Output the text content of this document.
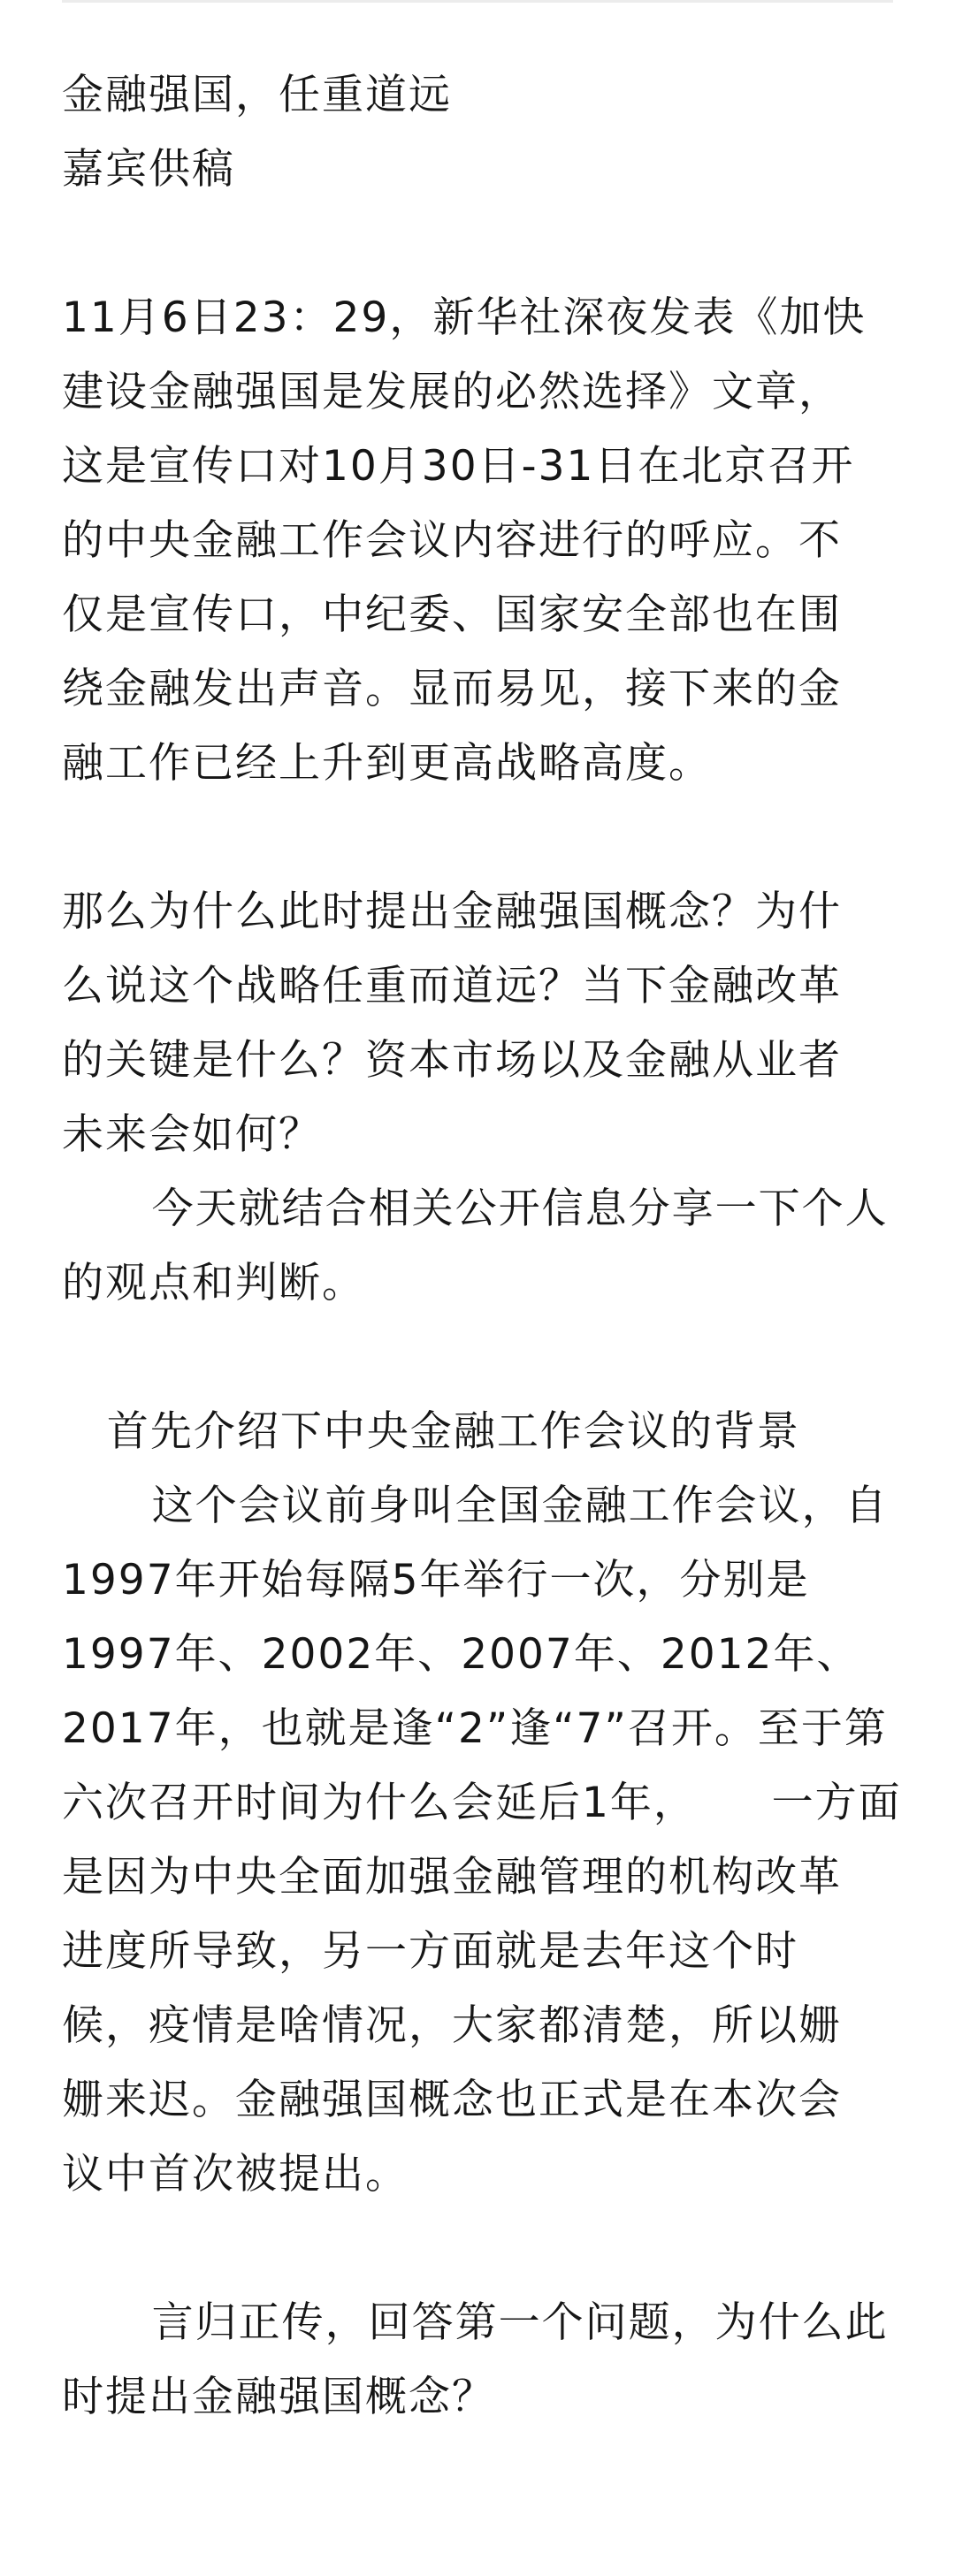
金融强国，任重道远
嘉宾供稿
11月6日23：29，新华社深夜发表《加快
建设金融强国是发展的必然选择》文章，
这是宣传口对10月30日-31日在北京召开
的中央金融工作会议内容进行的呼应。不
仅是宣传口，中纪委、国家安全部也在围
绕金融发出声音。显而易见，接下来的金
融工作已经上升到更高战略高度。
那么为什么此时提出金融强国概念？为什
么说这个战略任重而道远？当下金融改革
的关键是什么？资本市场以及金融从业者
未来会如何？
今天就结合相关公开信息分享一下个人
的观点和判断。
首先介绍下中央金融工作会议的背景
这个会议前身叫全国金融工作会议，自
1997年开始每隔5年举行一次，分别是
1997年、2002年、2007年、2012年、
2017年，也就是逢“2”逢“7”召开。至于第
六次召开时间为什么会延后1年，     一方面
是因为中央全面加强金融管理的机构改革
进度所导致，另一方面就是去年这个时
候，疫情是啥情况，大家都清楚，所以姗
姗来迟。金融强国概念也正式是在本次会
议中首次被提出。
言归正传，回答第一个问题，为什么此
时提出金融强国概念？
